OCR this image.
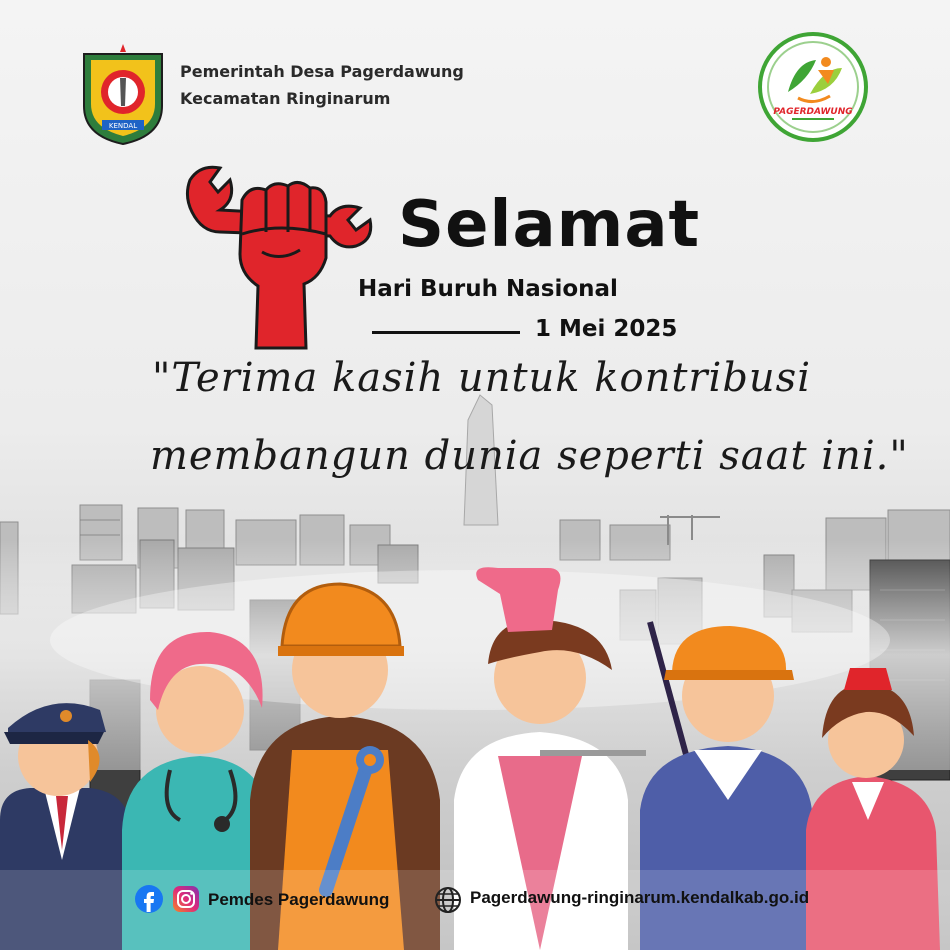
KENDAL
Pemerintah Desa Pagerdawung
Kecamatan Ringinarum
PAGERDAWUNG
Selamat
Hari Buruh Nasional
1 Mei 2025
"Terima kasih untuk kontribusi
membangun dunia seperti saat ini."
Pemdes Pagerdawung	Pagerdawung-ringinarum.kendalkab.go.id
